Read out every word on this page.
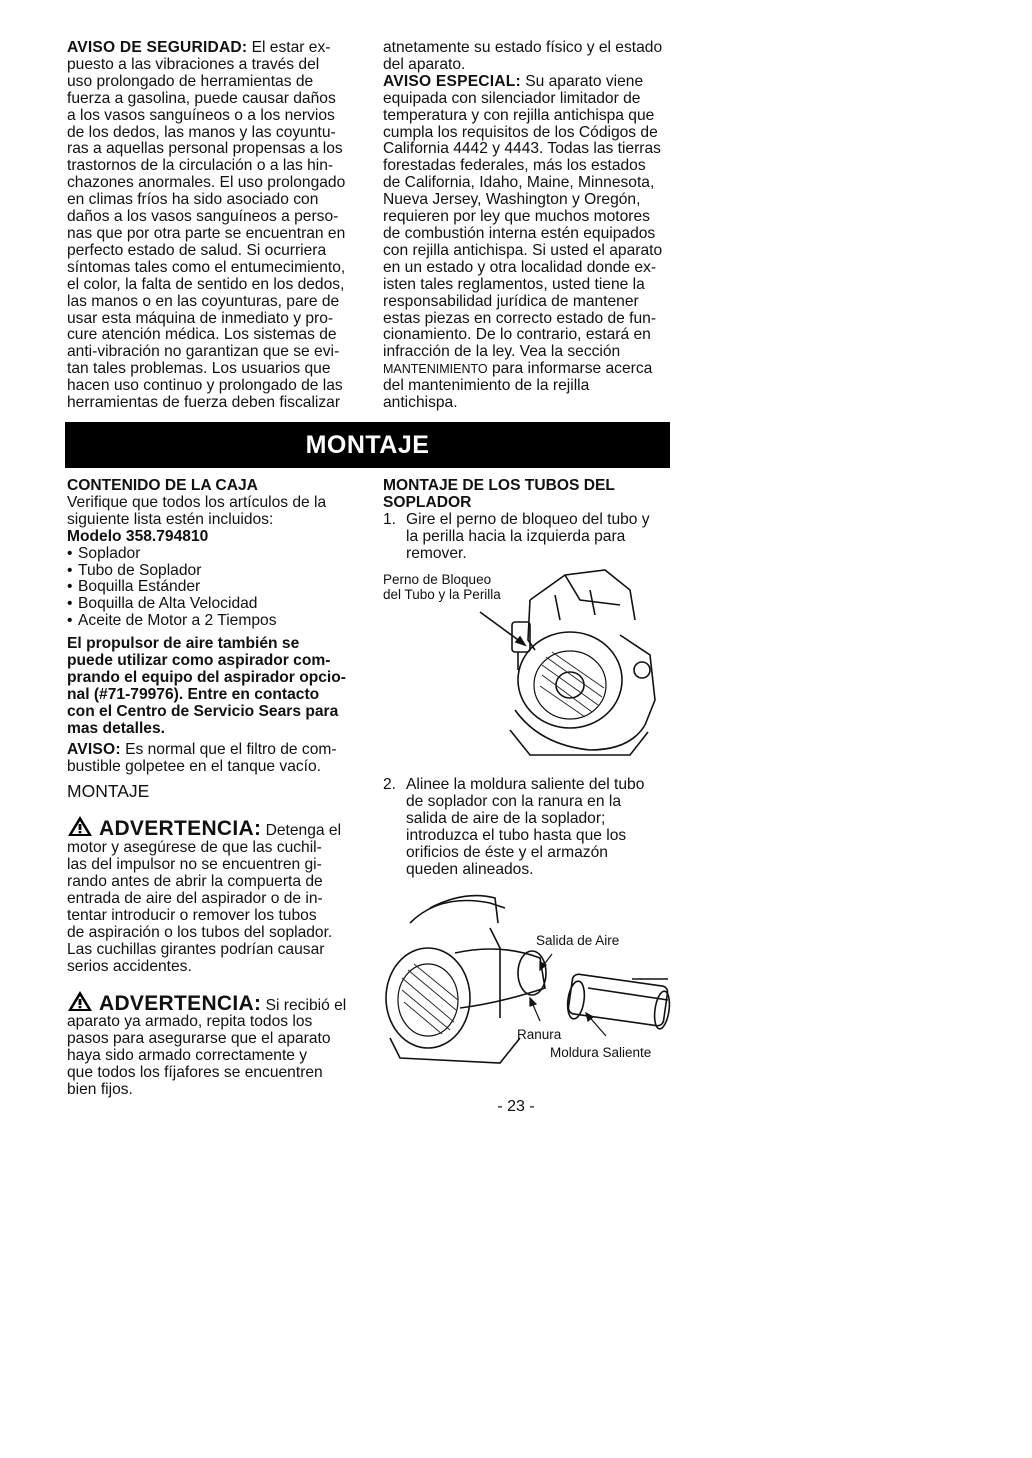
AVISO DE SEGURIDAD: El estar ex-
puesto a las vibraciones a través del
uso prolongado de herramientas de
fuerza a gasolina, puede causar daños
a los vasos sanguíneos o a los nervios
de los dedos, las manos y las coyuntu-
ras a aquellas personal propensas a los
trastornos de la circulación o a las hin-
chazones anormales. El uso prolongado
en climas fríos ha sido asociado con
daños a los vasos sanguíneos a perso-
nas que por otra parte se encuentran en
perfecto estado de salud. Si ocurriera
síntomas tales como el entumecimiento,
el color, la falta de sentido en los dedos,
las manos o en las coyunturas, pare de
usar esta máquina de inmediato y pro-
cure atención médica. Los sistemas de
anti-vibración no garantizan que se evi-
tan tales problemas. Los usuarios que
hacen uso continuo y prolongado de las
herramientas de fuerza deben fiscalizar
atnetamente su estado físico y el estado
del aparato.
AVISO ESPECIAL: Su aparato viene
equipada con silenciador limitador de
temperatura y con rejilla antichispa que
cumpla los requisitos de los Códigos de
California 4442 y 4443. Todas las tierras
forestadas federales, más los estados
de California, Idaho, Maine, Minnesota,
Nueva Jersey, Washington y Oregón,
requieren por ley que muchos motores
de combustión interna estén equipados
con rejilla antichispa. Si usted el aparato
en un estado y otra localidad donde ex-
isten tales reglamentos, usted tiene la
responsabilidad jurídica de mantener
estas piezas en correcto estado de fun-
cionamiento. De lo contrario, estará en
infracción de la ley. Vea la sección
MANTENIMIENTO para informarse acerca
del mantenimiento de la rejilla
antichispa.
MONTAJE
CONTENIDO DE LA CAJA
Verifique que todos los artículos de la
siguiente lista estén incluidos:
Modelo 358.794810
• Soplador
• Tubo de Soplador
• Boquilla Estánder
• Boquilla de Alta Velocidad
• Aceite de Motor a 2 Tiempos
El propulsor de aire también se
puede utilizar como aspirador com-
prando el equipo del aspirador opcio-
nal (#71-79976). Entre en contacto
con el Centro de Servicio Sears para
mas detalles.
AVISO: Es normal que el filtro de com-
bustible golpetee en el tanque vacío.
MONTAJE
ADVERTENCIA: Detenga el
motor y asegúrese de que las cuchil-
las del impulsor no se encuentren gi-
rando antes de abrir la compuerta de
entrada de aire del aspirador o de in-
tentar introducir o remover los tubos
de aspiración o los tubos del soplador.
Las cuchillas girantes podrían causar
serios accidentes.
ADVERTENCIA: Si recibió el
aparato ya armado, repita todos los
pasos para asegurarse que el aparato
haya sido armado correctamente y
que todos los fíjafores se encuentren
bien fijos.
MONTAJE DE LOS TUBOS DEL
SOPLADOR
1. Gire el perno de bloqueo del tubo y
la perilla hacia la izquierda para
remover.
Perno de Bloqueo
del Tubo y la Perilla
2. Alinee la moldura saliente del tubo
de soplador con la ranura en la
salida de aire de la soplador;
introduzca el tubo hasta que los
orificios de éste y el armazón
queden alineados.
Salida de Aire
Ranura
Moldura Saliente
- 23 -
